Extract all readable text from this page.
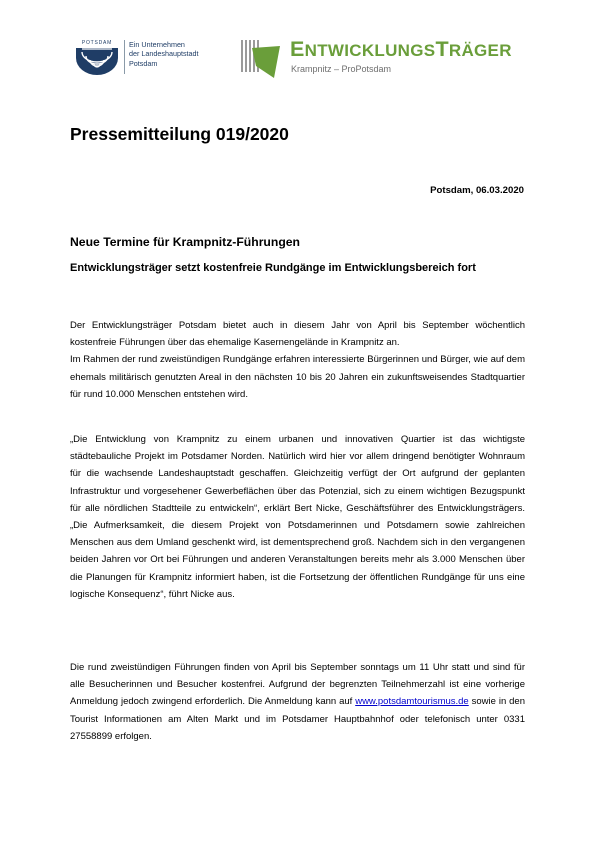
POTSDAM Ein Unternehmen
der Landeshauptstadt
Potsdam
ENTWICKLUNGSTRÄGER
Krampnitz – ProPotsdam
Pressemitteilung 019/2020
Potsdam, 06.03.2020
Neue Termine für Krampnitz-Führungen
Entwicklungsträger setzt kostenfreie Rundgänge im Entwicklungsbereich fort

Der Entwicklungsträger Potsdam bietet auch in diesem Jahr von April bis September wöchentlich kostenfreie Führungen über das ehemalige Kasernengelände in Krampnitz an.

Im Rahmen der rund zweistündigen Rundgänge erfahren interessierte Bürgerinnen und Bürger, wie auf dem ehemals militärisch genutzten Areal in den nächsten 10 bis 20 Jahren ein zukunftsweisendes Stadtquartier für rund 10.000 Menschen entstehen wird.

„Die Entwicklung von Krampnitz zu einem urbanen und innovativen Quartier ist das wichtigste städtebauliche Projekt im Potsdamer Norden. Natürlich wird hier vor allem dringend benötigter Wohnraum für die wachsende Landeshauptstadt geschaffen. Gleichzeitig verfügt der Ort aufgrund der geplanten Infrastruktur und vorgesehener Gewerbeflächen über das Potenzial, sich zu einem wichtigen Bezugspunkt für alle nördlichen Stadtteile zu entwickeln“, erklärt Bert Nicke, Geschäftsführer des Entwicklungsträgers. „Die Aufmerksamkeit, die diesem Projekt von Potsdamerinnen und Potsdamern sowie zahlreichen Menschen aus dem Umland geschenkt wird, ist dementsprechend groß. Nachdem sich in den vergangenen beiden Jahren vor Ort bei Führungen und anderen Veranstaltungen bereits mehr als 3.000 Menschen über die Planungen für Krampnitz informiert haben, ist die Fortsetzung der öffentlichen Rundgänge für uns eine logische Konsequenz“, führt Nicke aus.

Die rund zweistündigen Führungen finden von April bis September sonntags um 11 Uhr statt und sind für alle Besucherinnen und Besucher kostenfrei. Aufgrund der begrenzten Teilnehmerzahl ist eine vorherige Anmeldung jedoch zwingend erforderlich. Die Anmeldung kann auf www.potsdamtourismus.de sowie in den Tourist Informationen am Alten Markt und im Potsdamer Hauptbahnhof oder telefonisch unter 0331 27558899 erfolgen.
